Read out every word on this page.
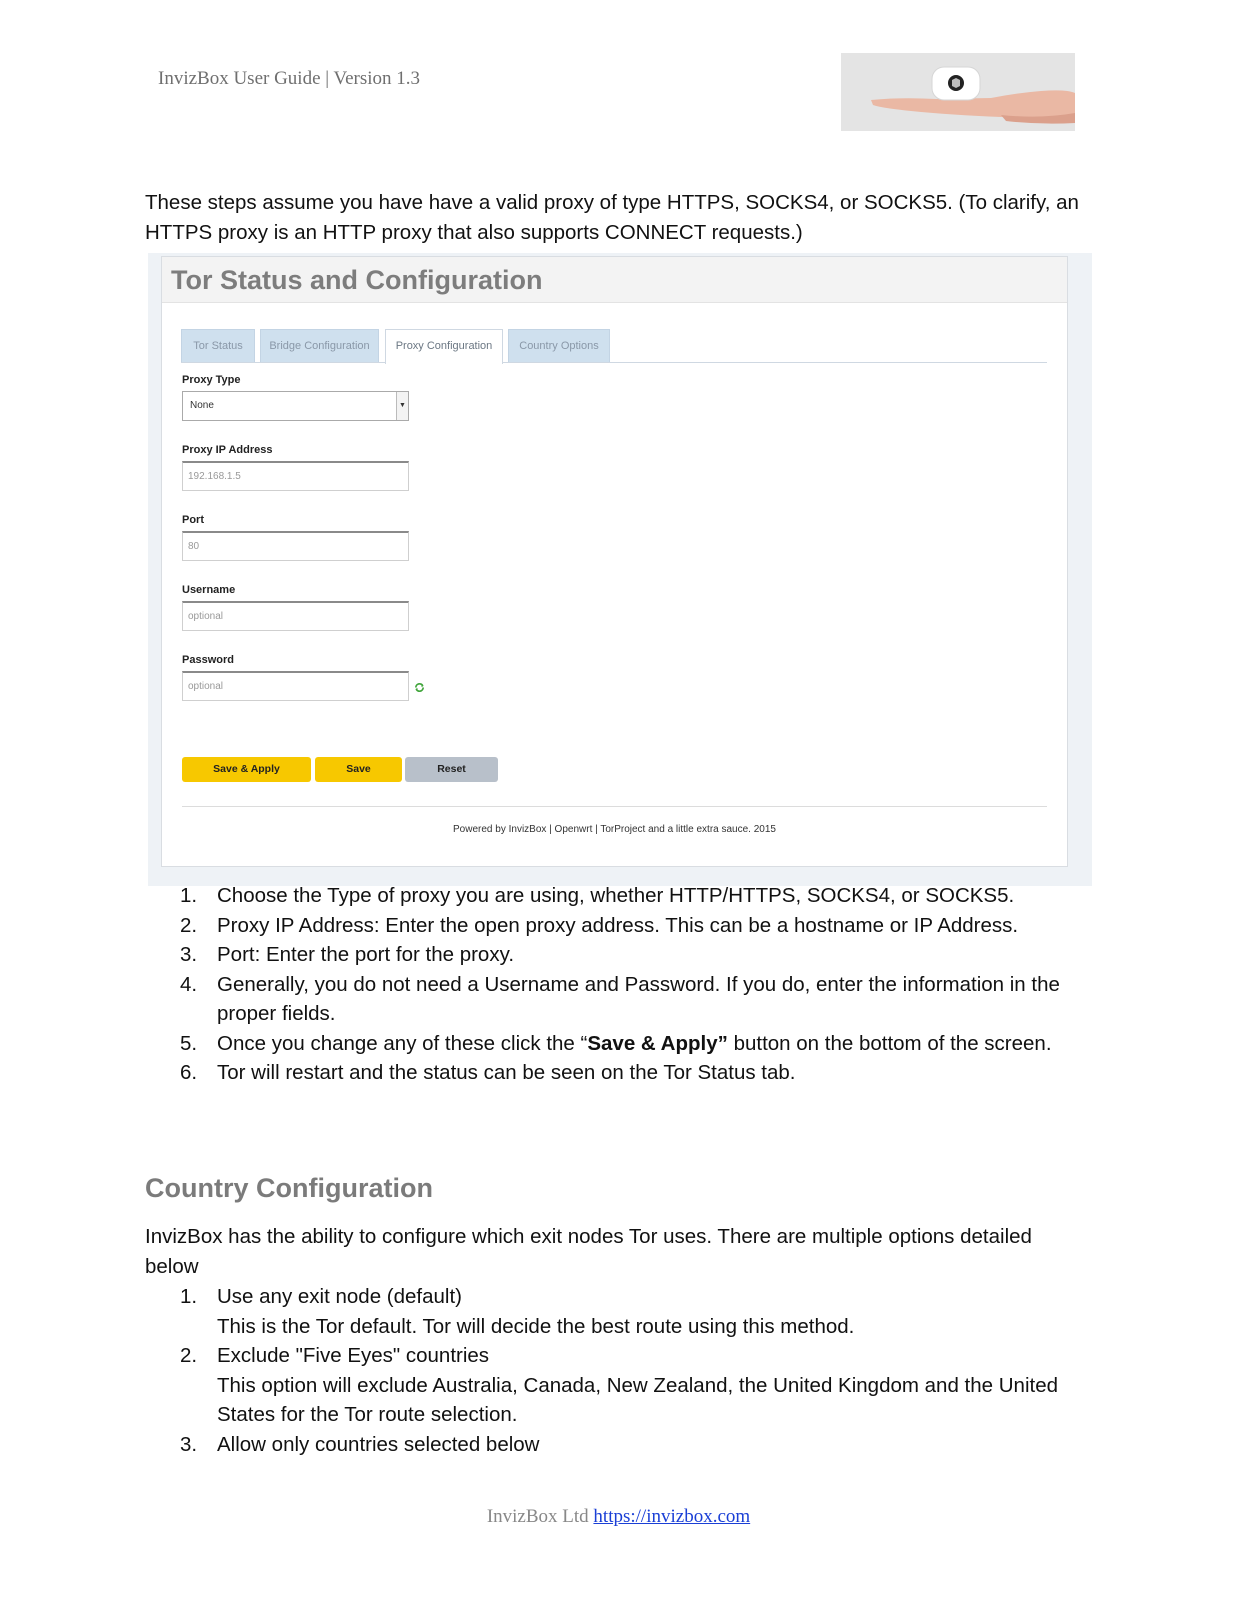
InvizBox User Guide | Version 1.3
These steps assume you have have a valid proxy of type HTTPS, SOCKS4, or SOCKS5. (To clarify, an HTTPS proxy is an HTTP proxy that also supports CONNECT requests.)
Tor Status and Configuration
Tor Status	Bridge Configuration	Proxy Configuration	Country Options
Proxy Type
None	▼
Proxy IP Address
192.168.1.5
Port
80
Username
optional
Password
optional
Save & Apply	Save	Reset
Powered by InvizBox | Openwrt | TorProject and a little extra sauce. 2015
1. Choose the Type of proxy you are using, whether HTTP/HTTPS, SOCKS4, or SOCKS5.
2. Proxy IP Address: Enter the open proxy address. This can be a hostname or IP Address.
3. Port: Enter the port for the proxy.
4. Generally, you do not need a Username and Password. If you do, enter the information in the proper fields.
5. Once you change any of these click the “Save & Apply” button on the bottom of the screen.
6. Tor will restart and the status can be seen on the Tor Status tab.
Country Configuration
InvizBox has the ability to configure which exit nodes Tor uses. There are multiple options detailed below
1. Use any exit node (default)
This is the Tor default. Tor will decide the best route using this method.
2. Exclude "Five Eyes" countries
This option will exclude Australia, Canada, New Zealand, the United Kingdom and the United States for the Tor route selection.
3. Allow only countries selected below
InvizBox Ltd https://invizbox.com
